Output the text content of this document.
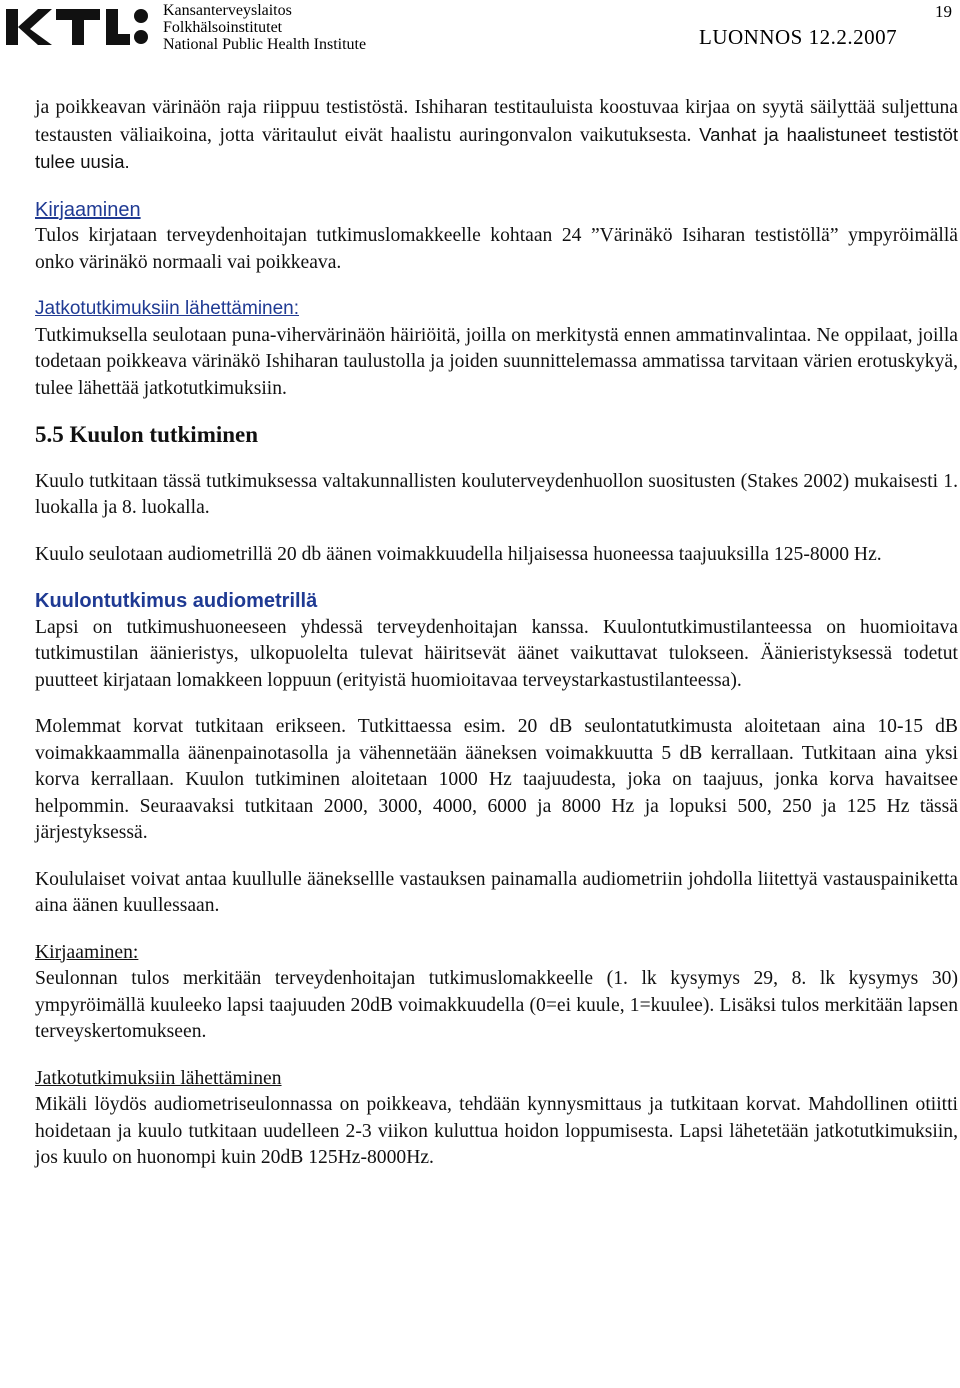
Kansanterveyslaitos
Folkhälsoinstitutet
National Public Health Institute	LUONNOS 12.2.2007
19

ja poikkeavan värinäön raja riippuu testistöstä. Ishiharan testitauluista koostuvaa kirjaa on syytä säilyttää suljettuna testausten väliaikoina, jotta väritaulut eivät haalistu auringonvalon vaikutuksesta. Vanhat ja haalistuneet testistöt tulee uusia.

Kirjaaminen

Tulos kirjataan terveydenhoitajan tutkimuslomakkeelle kohtaan 24 ”Värinäkö Isiharan testistöllä” ympyröimällä onko värinäkö normaali vai poikkeava.

Jatkotutkimuksiin lähettäminen:

Tutkimuksella seulotaan puna-vihervärinäön häiriöitä, joilla on merkitystä ennen ammatinvalintaa. Ne oppilaat, joilla todetaan poikkeava värinäkö Ishiharan taulustolla ja joiden suunnittelemassa ammatissa tarvitaan värien erotuskykyä, tulee lähettää jatkotutkimuksiin.

5.5 Kuulon tutkiminen

Kuulo tutkitaan tässä tutkimuksessa valtakunnallisten kouluterveydenhuollon suositusten (Stakes 2002) mukaisesti 1. luokalla ja 8. luokalla.

Kuulo seulotaan audiometrillä 20 db äänen voimakkuudella hiljaisessa huoneessa taajuuksilla 125-8000 Hz.

Kuulontutkimus audiometrillä

Lapsi on tutkimushuoneeseen yhdessä terveydenhoitajan kanssa. Kuulontutkimustilanteessa on huomioitava tutkimustilan äänieristys, ulkopuolelta tulevat häiritsevät äänet vaikuttavat tulokseen. Äänieristyksessä todetut puutteet kirjataan lomakkeen loppuun (erityistä huomioitavaa terveystarkastustilanteessa).

Molemmat korvat tutkitaan erikseen. Tutkittaessa esim. 20 dB seulontatutkimusta aloitetaan aina 10-15 dB voimakkaammalla äänenpainotasolla ja vähennetään ääneksen voimakkuutta 5 dB kerrallaan. Tutkitaan aina yksi korva kerrallaan. Kuulon tutkiminen aloitetaan 1000 Hz taajuudesta, joka on taajuus, jonka korva havaitsee helpommin. Seuraavaksi tutkitaan 2000, 3000, 4000, 6000 ja 8000 Hz ja lopuksi 500, 250 ja 125 Hz tässä järjestyksessä.

Koululaiset voivat antaa kuullulle ääneksellle vastauksen painamalla audiometriin johdolla liitettyä vastauspainiketta aina äänen kuullessaan.

Kirjaaminen:

Seulonnan tulos merkitään terveydenhoitajan tutkimuslomakkeelle (1. lk kysymys 29, 8. lk kysymys 30) ympyröimällä kuuleeko lapsi taajuuden 20dB voimakkuudella (0=ei kuule, 1=kuulee). Lisäksi tulos merkitään lapsen terveyskertomukseen.

Jatkotutkimuksiin lähettäminen

Mikäli löydös audiometriseulonnassa on poikkeava, tehdään kynnysmittaus ja tutkitaan korvat. Mahdollinen otiitti hoidetaan ja kuulo tutkitaan uudelleen 2-3 viikon kuluttua hoidon loppumisesta. Lapsi lähetetään jatkotutkimuksiin, jos kuulo on huonompi kuin 20dB 125Hz-8000Hz.
